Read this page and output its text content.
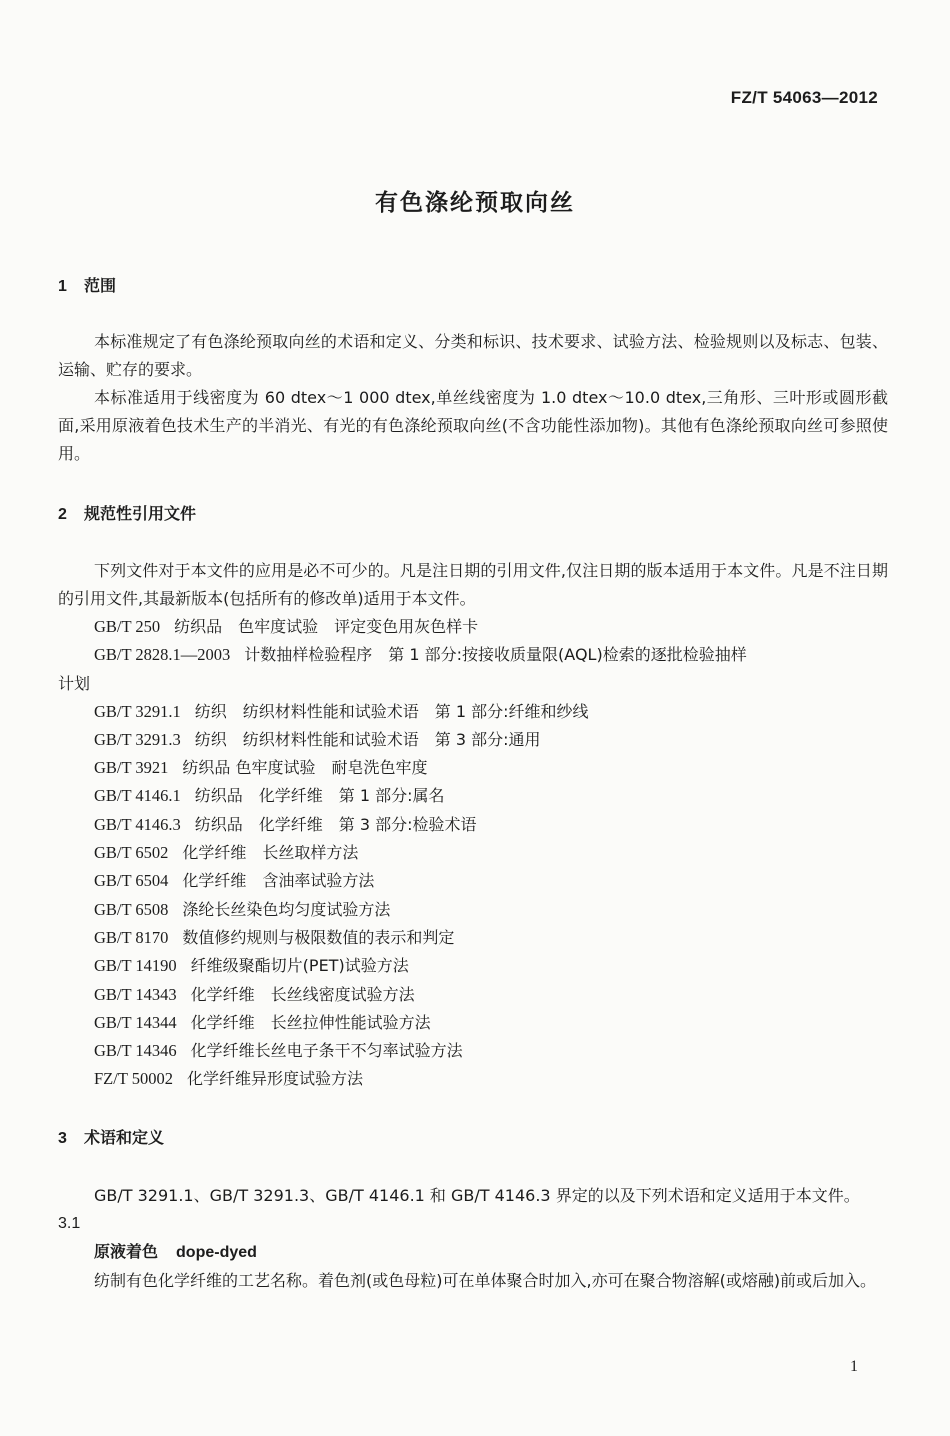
FZ/T 54063—2012
有色涤纶预取向丝
1 范围

本标准规定了有色涤纶预取向丝的术语和定义、分类和标识、技术要求、试验方法、检验规则以及标志、包装、运输、贮存的要求。

本标准适用于线密度为 60 dtex～1 000 dtex,单丝线密度为 1.0 dtex～10.0 dtex,三角形、三叶形或圆形截面,采用原液着色技术生产的半消光、有光的有色涤纶预取向丝(不含功能性添加物)。其他有色涤纶预取向丝可参照使用。

2 规范性引用文件

下列文件对于本文件的应用是必不可少的。凡是注日期的引用文件,仅注日期的版本适用于本文件。凡是不注日期的引用文件,其最新版本(包括所有的修改单)适用于本文件。

GB/T 250 纺织品　色牢度试验　评定变色用灰色样卡
GB/T 2828.1—2003 计数抽样检验程序　第 1 部分:按接收质量限(AQL)检索的逐批检验抽样
计划
GB/T 3291.1 纺织　纺织材料性能和试验术语　第 1 部分:纤维和纱线
GB/T 3291.3 纺织　纺织材料性能和试验术语　第 3 部分:通用
GB/T 3921 纺织品 色牢度试验　耐皂洗色牢度
GB/T 4146.1 纺织品　化学纤维　第 1 部分:属名
GB/T 4146.3 纺织品　化学纤维　第 3 部分:检验术语
GB/T 6502 化学纤维　长丝取样方法
GB/T 6504 化学纤维　含油率试验方法
GB/T 6508 涤纶长丝染色均匀度试验方法
GB/T 8170 数值修约规则与极限数值的表示和判定
GB/T 14190 纤维级聚酯切片(PET)试验方法
GB/T 14343 化学纤维　长丝线密度试验方法
GB/T 14344 化学纤维　长丝拉伸性能试验方法
GB/T 14346 化学纤维长丝电子条干不匀率试验方法
FZ/T 50002 化学纤维异形度试验方法
3 术语和定义

GB/T 3291.1、GB/T 3291.3、GB/T 4146.1 和 GB/T 4146.3 界定的以及下列术语和定义适用于本文件。

3.1
原液着色 dope-dyed

纺制有色化学纤维的工艺名称。着色剂(或色母粒)可在单体聚合时加入,亦可在聚合物溶解(或熔融)前或后加入。

1
